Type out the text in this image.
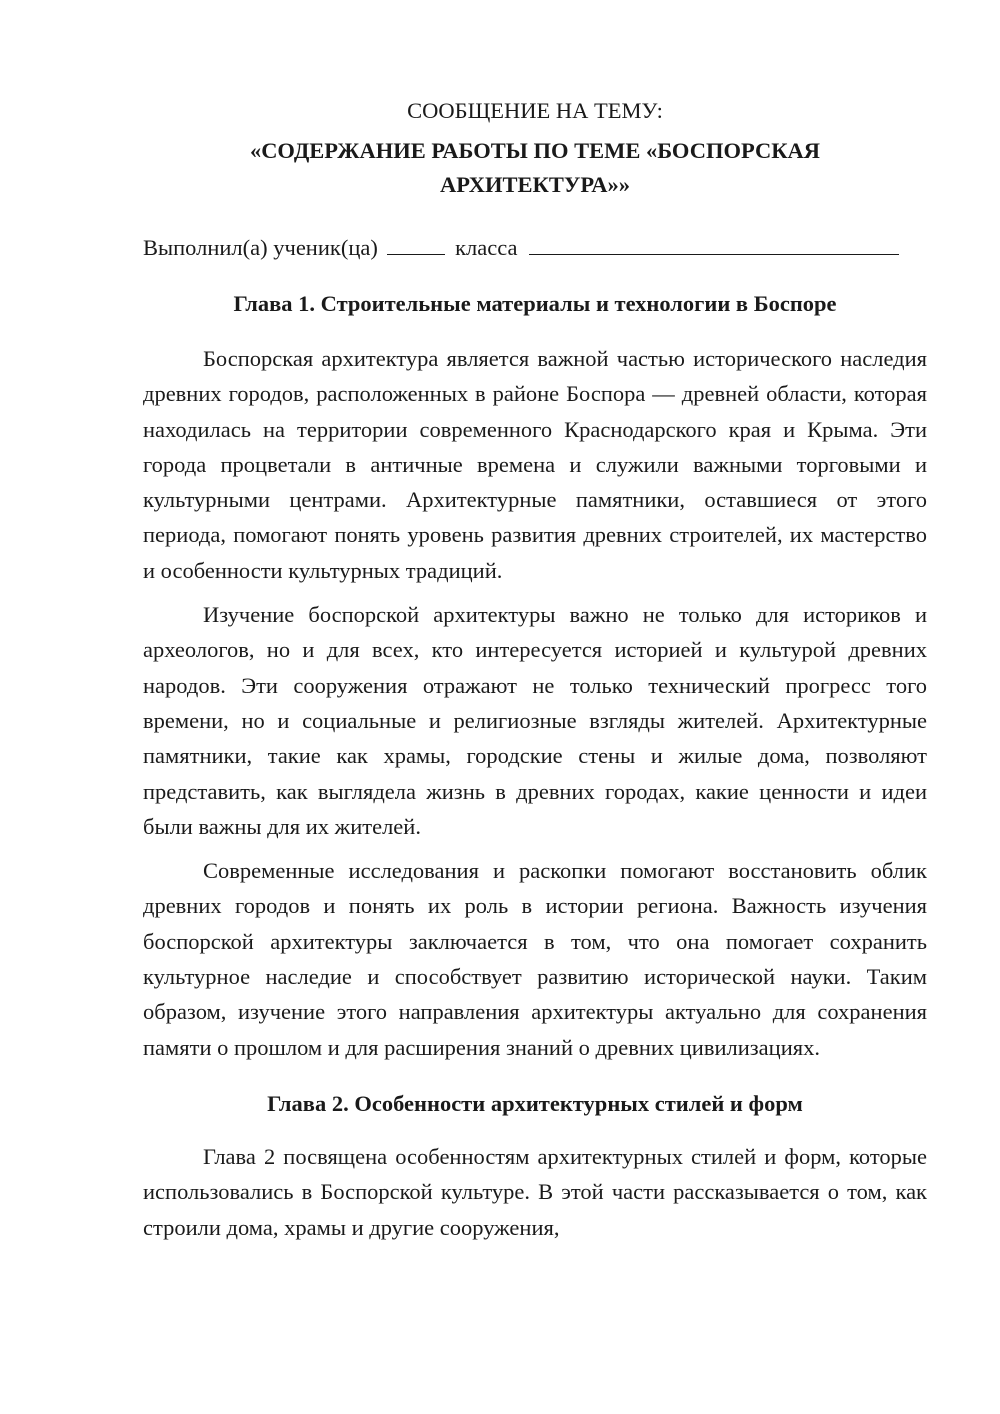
СООБЩЕНИЕ НА ТЕМУ:
«СОДЕРЖАНИЕ РАБОТЫ ПО ТЕМЕ «БОСПОРСКАЯ
АРХИТЕКТУРА»»
Выполнил(а) ученик(ца)	класса
Глава 1. Строительные материалы и технологии в Боспоре

Боспорская архитектура является важной частью исторического наследия древних городов, расположенных в районе Боспора — древней области, которая находилась на территории современного Краснодарского края и Крыма. Эти города процветали в античные времена и служили важными торговыми и культурными центрами. Архитектурные памятники, оставшиеся от этого периода, помогают понять уровень развития древних строителей, их мастерство и особенности культурных традиций.

Изучение боспорской архитектуры важно не только для историков и археологов, но и для всех, кто интересуется историей и культурой древних народов. Эти сооружения отражают не только технический прогресс того времени, но и социальные и религиозные взгляды жителей. Архитектурные памятники, такие как храмы, городские стены и жилые дома, позволяют представить, как выглядела жизнь в древних городах, какие ценности и идеи были важны для их жителей.

Современные исследования и раскопки помогают восстановить облик древних городов и понять их роль в истории региона. Важность изучения боспорской архитектуры заключается в том, что она помогает сохранить культурное наследие и способствует развитию исторической науки. Таким образом, изучение этого направления архитектуры актуально для сохранения памяти о прошлом и для расширения знаний о древних цивилизациях.

Глава 2. Особенности архитектурных стилей и форм

Глава 2 посвящена особенностям архитектурных стилей и форм, которые использовались в Боспорской культуре. В этой части рассказывается о том, как строили дома, храмы и другие сооружения,
